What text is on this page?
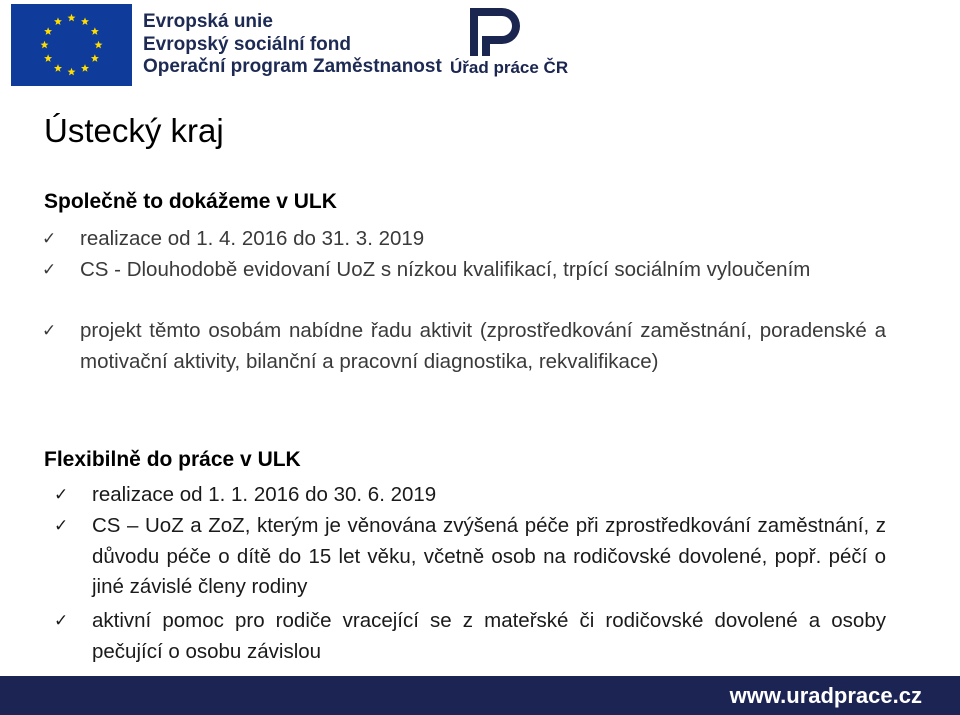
Evropská unie
Evropský sociální fond
Operační program Zaměstnanost Úřad práce ČR
Ústecký kraj
Společně to dokážeme v ULK
✓ realizace od 1. 4. 2016 do 31. 3. 2019
✓ CS - Dlouhodobě evidovaní UoZ s nízkou kvalifikací, trpící sociálním vyloučením
✓ projekt těmto osobám nabídne řadu aktivit (zprostředkování zaměstnání, poradenské a motivační aktivity, bilanční a pracovní diagnostika, rekvalifikace)
Flexibilně do práce v ULK
✓ realizace od 1. 1. 2016 do 30. 6. 2019
✓ CS – UoZ a ZoZ, kterým je věnována zvýšená péče při zprostředkování zaměstnání, z důvodu péče o dítě do 15 let věku, včetně osob na rodičovské dovolené, popř. péčí o jiné závislé členy rodiny
✓ aktivní pomoc pro rodiče vracející se z mateřské či rodičovské dovolené a osoby pečující o osobu závislou
www.uradprace.cz
